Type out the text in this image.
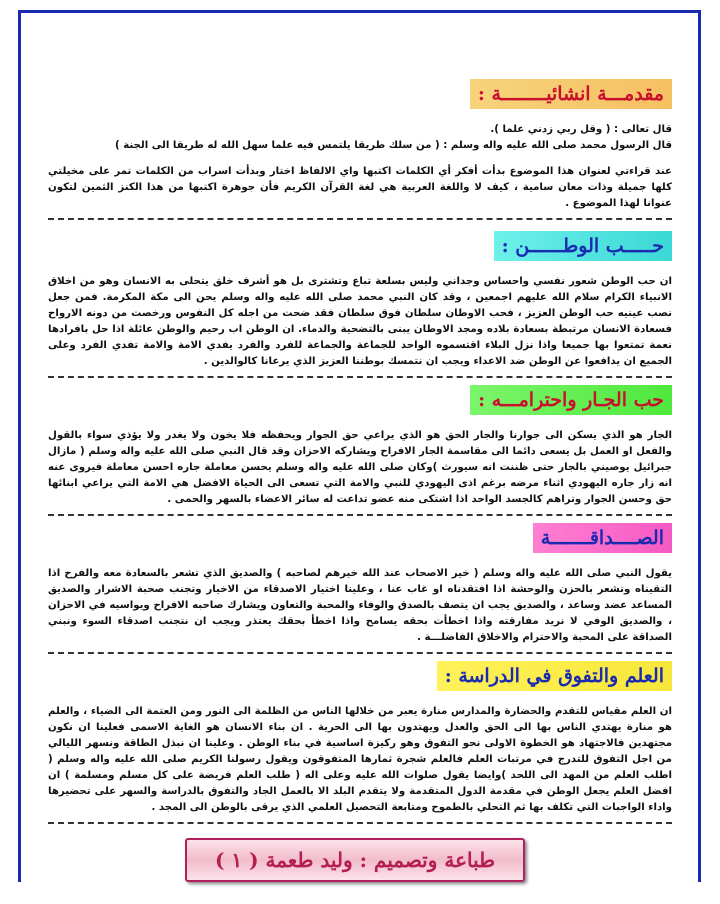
مقدمـــة انشائيــــــــة :

قال تعالى : ( وقل ربي زدني علما ).

قال الرسول محمد صلى الله عليه واله وسلم : ( من سلك طريقا يلتمس فيه علما سهل الله له طريقا الى الجنة )

عند قراءتي لعنوان هذا الموضوع بدأت أفكر أي الكلمات اكتبها واي الالفاظ اختار وبدأت اسراب من الكلمات تمر على مخيلتي كلها جميلة وذات معان سامية ، كيف لا واللغة العربية هي لغة القرآن الكريم فأن جوهرة اكتبها من هذا الكنز الثمين لتكون عنوانا لهذا الموضوع .

حـــــب الوطــــــن :

ان حب الوطن شعور نفسي واحساس وجداني وليس بسلعة تباع وتشترى بل هو أشرف خلق يتحلى به الانسان وهو من اخلاق الانبياء الكرام سلام الله عليهم اجمعين ، وقد كان النبي محمد صلى الله عليه واله وسلم يحن الى مكة المكرمة. فمن جعل نصب عينيه حب الوطن العزيز ، فحب الاوطان سلطان فوق سلطان فقد ضحت من اجله كل النفوس ورخصت من دونه الارواح فسعادة الانسان مرتبطة بسعادة بلاده ومجد الاوطان يبنى بالتضحية والدماء. ان الوطن اب رحيم والوطن عائلة اذا حل بافرادها نعمة تمتعوا بها جميعا واذا نزل البلاء اقتسموه الواحد للجماعة والجماعة للفرد والفرد يفدي الامة والامة تفدي الفرد وعلى الجميع ان يدافعوا عن الوطن ضد الاعداء ويجب ان نتمسك بوطننا العزيز الذي يرعانا كالوالدين .

حب الجـار واحترامـــه :

الجار هو الذي يسكن الى جوارنا والجار الحق هو الذي يراعي حق الجوار ويحفظه فلا يخون ولا يغدر ولا يؤذي سواء بالقول والفعل او العمل بل يسعى دائما الى مقاسمة الجار الافراح ويشاركه الاحزان وقد قال النبي صلى الله عليه واله وسلم ( مازال جبرائيل يوصيني بالجار حتى ظننت انه سيورث )وكان صلى الله عليه واله وسلم يحسن معاملة جاره احسن معاملة فيروى عنه انه زار جاره اليهودي اثناء مرضه برغم اذى اليهودي للنبي والامة التي تسعى الى الحياة الافضل هي الامة التي يراعي ابنائها حق وحسن الجوار وتراهم كالجسد الواحد اذا اشتكى منه عضو تداعت له سائر الاعضاء بالسهر والحمى .

الصــــداقـــــــة

يقول النبي صلى الله عليه واله وسلم ( خير الاصحاب عند الله خيرهم لصاحبه ) والصديق الذي تشعر بالسعادة معه والفرح اذا التقيناه وتشعر بالحزن والوحشة اذا افتقدناه او غاب عنا ، وعلينا اختيار الاصدقاء من الاخيار وتجنب صحبة الاشرار والصديق المساعد عضد وساعد ، والصديق يجب ان يتصف بالصدق والوفاء والمحبة والتعاون ويشارك صاحبه الافراح ويواسيه في الاحزان ، والصديق الوفي لا نريد مفارقته واذا اخطأت بحقه يسامح واذا اخطأ بحقك يعتذر ويجب ان نتجنب اصدقاء السوء ونبني الصداقة على المحبة والاحترام والاخلاق الفاضلـــة .

العلم والتفوق في الدراسة :

ان العلم مقياس للتقدم والحضارة والمدارس منارة يعبر من خلالها الناس من الظلمة الى النور ومن العتمة الى الضياء ، والعلم هو منارة يهتدي الناس بها الى الحق والعدل ويهتدون بها الى الحرية . ان بناء الانسان هو الغاية الاسمى فعلينا ان نكون مجتهدين فالاجتهاد هو الخطوة الاولى نحو التفوق وهو ركيزة اساسية في بناء الوطن . وعلينا ان نبذل الطاقة ونسهر الليالي من اجل التفوق للتدرج في مرتبات العلم فالعلم شجرة ثمارها المتفوقون ويقول رسولنا الكريم صلى الله عليه واله وسلم ( اطلب العلم من المهد الى اللحد )وايضا يقول صلوات الله عليه وعلى اله ( طلب العلم فريضة على كل مسلم ومسلمة ) ان افضل العلم يجعل الوطن في مقدمة الدول المتقدمة ولا يتقدم البلد الا بالعمل الجاد والتفوق بالدراسة والسهر على تحضيرها واداء الواجبات التي تكلف بها ثم التحلي بالطموح ومتابعة التحصيل العلمي الذي يرقى بالوطن الى المجد .

طباعة وتصميم : وليد طعمة ( ١ )
